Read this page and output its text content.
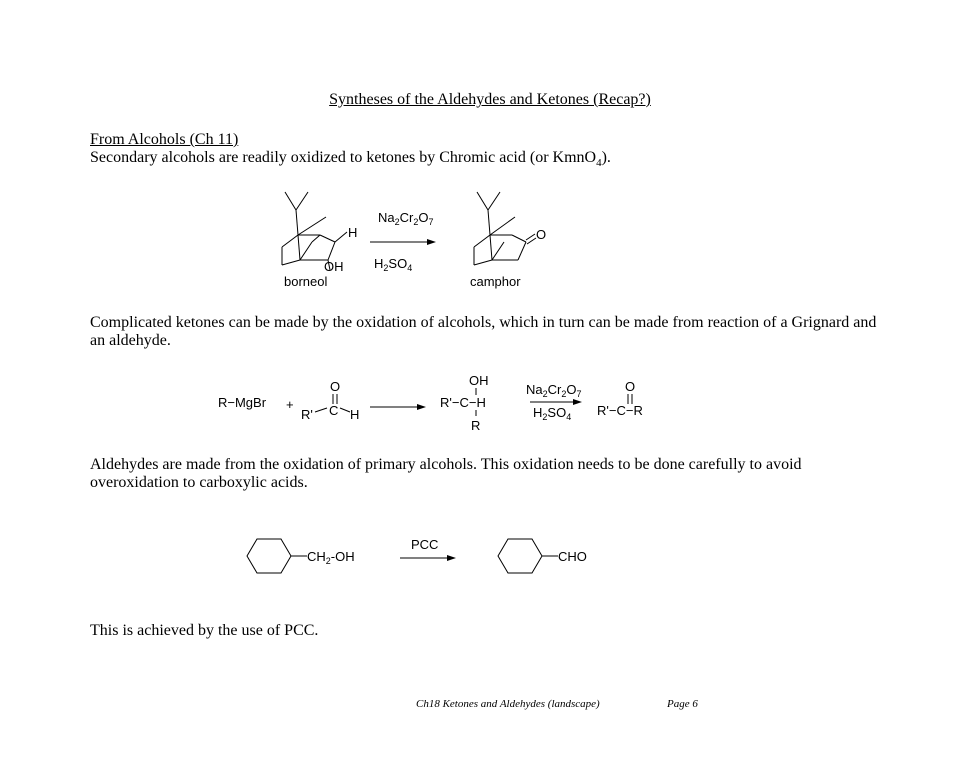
Syntheses of the Aldehydes and Ketones (Recap?)
From Alcohols (Ch 11)
Secondary alcohols are readily oxidized to ketones by Chromic acid (or KmnO$_4$).
H
OH
borneol
$Na_2Cr_2O_7$
$H_2SO_4$
O
camphor
Complicated ketones can be made by the oxidation of alcohols, which in turn can be made from reaction of a Grignard and an aldehyde.
R−MgBr +
O
R' C H
OH
R'−C−H
R
$Na_2Cr_2O_7$
$H_2SO_4$
O
R'−C−R
Aldehydes are made from the oxidation of primary alcohols. This oxidation needs to be done carefully to avoid overoxidation to carboxylic acids.
$CH_2-OH$
PCC
CHO
This is achieved by the use of PCC.
Ch18 Ketones and Aldehydes (landscape)	Page 6
